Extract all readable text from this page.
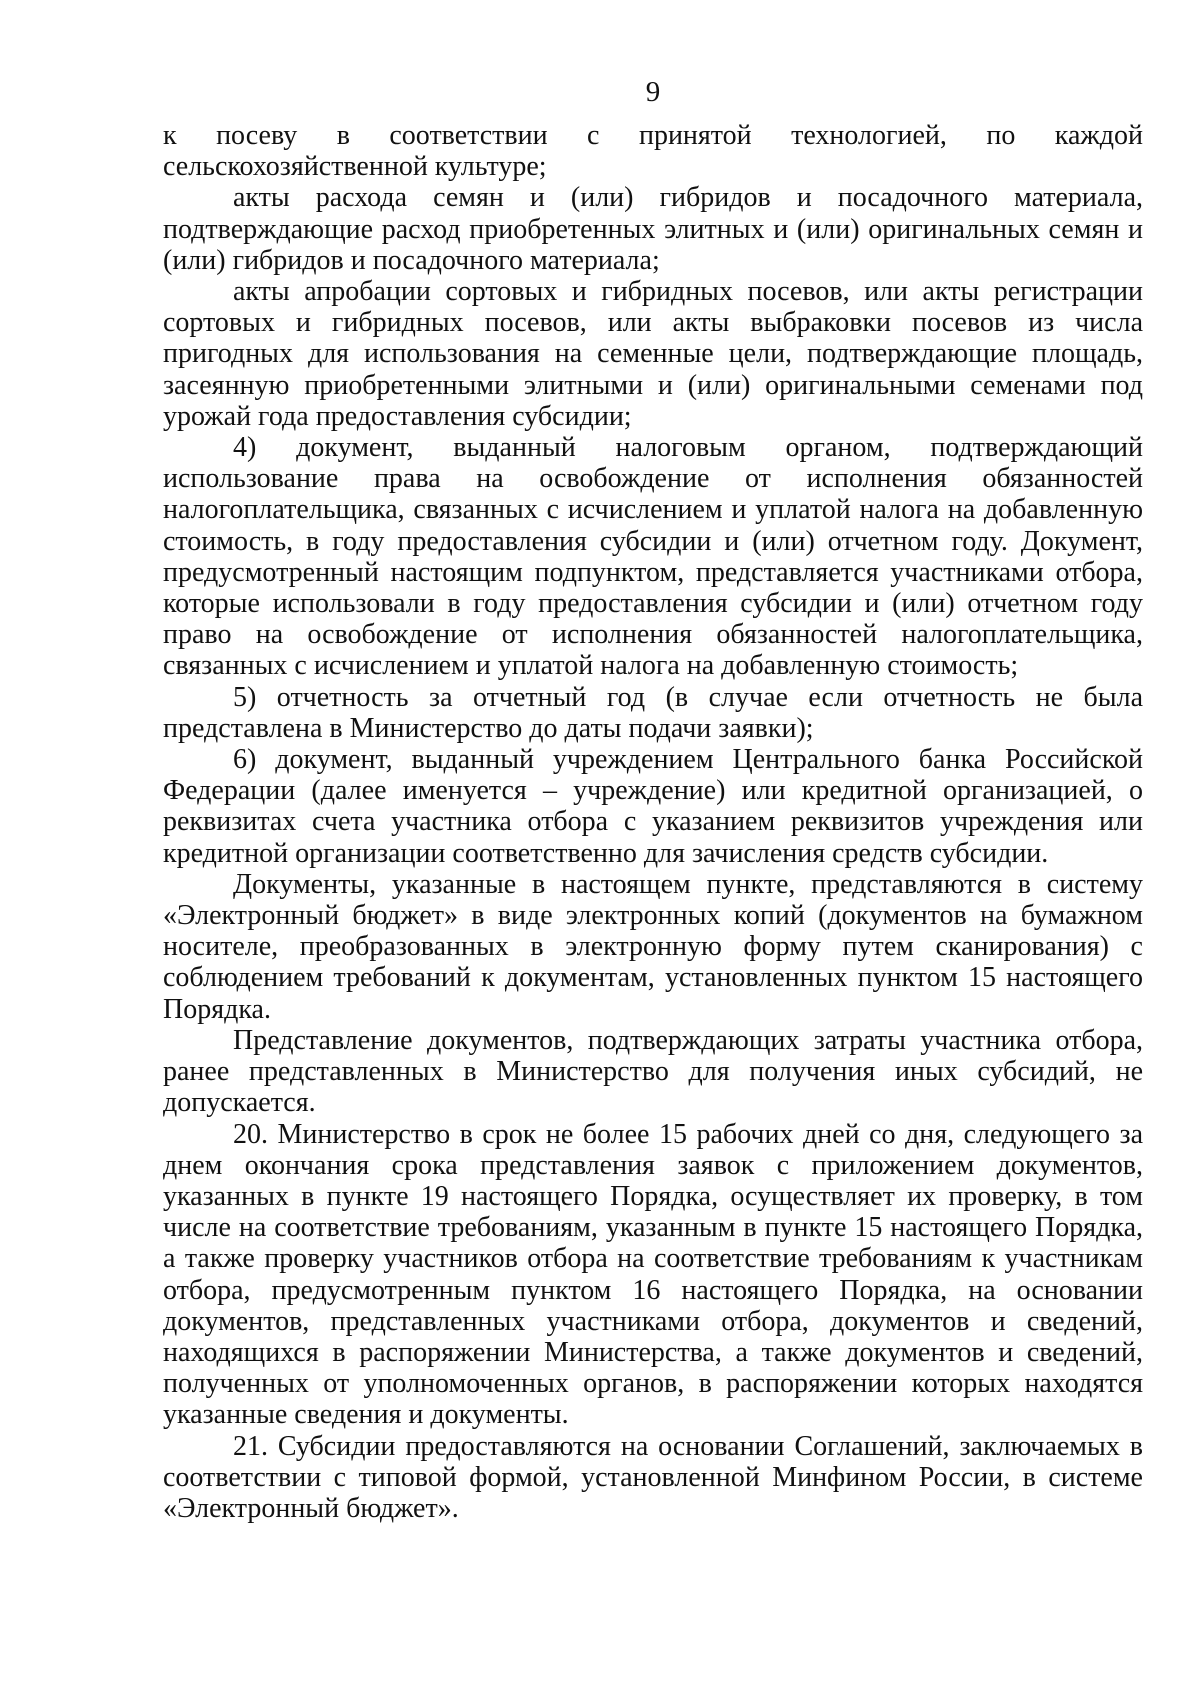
9

к посеву в соответствии с принятой технологией, по каждой сельскохозяйственной культуре;

акты расхода семян и (или) гибридов и посадочного материала, подтверждающие расход приобретенных элитных и (или) оригинальных семян и (или) гибридов и посадочного материала;

акты апробации сортовых и гибридных посевов, или акты регистрации сортовых и гибридных посевов, или акты выбраковки посевов из числа пригодных для использования на семенные цели, подтверждающие площадь, засеянную приобретенными элитными и (или) оригинальными семенами под урожай года предоставления субсидии;

4) документ, выданный налоговым органом, подтверждающий использование права на освобождение от исполнения обязанностей налогоплательщика, связанных с исчислением и уплатой налога на добавленную стоимость, в году предоставления субсидии и (или) отчетном году. Документ, предусмотренный настоящим подпунктом, представляется участниками отбора, которые использовали в году предоставления субсидии и (или) отчетном году право на освобождение от исполнения обязанностей налогоплательщика, связанных с исчислением и уплатой налога на добавленную стоимость;

5) отчетность за отчетный год (в случае если отчетность не была представлена в Министерство до даты подачи заявки);

6) документ, выданный учреждением Центрального банка Российской Федерации (далее именуется – учреждение) или кредитной организацией, о реквизитах счета участника отбора с указанием реквизитов учреждения или кредитной организации соответственно для зачисления средств субсидии.

Документы, указанные в настоящем пункте, представляются в систему «Электронный бюджет» в виде электронных копий (документов на бумажном носителе, преобразованных в электронную форму путем сканирования) с соблюдением требований к документам, установленных пунктом 15 настоящего Порядка.

Представление документов, подтверждающих затраты участника отбора, ранее представленных в Министерство для получения иных субсидий, не допускается.

20. Министерство в срок не более 15 рабочих дней со дня, следующего за днем окончания срока представления заявок с приложением документов, указанных в пункте 19 настоящего Порядка, осуществляет их проверку, в том числе на соответствие требованиям, указанным в пункте 15 настоящего Порядка, а также проверку участников отбора на соответствие требованиям к участникам отбора, предусмотренным пунктом 16 настоящего Порядка, на основании документов, представленных участниками отбора, документов и сведений, находящихся в распоряжении Министерства, а также документов и сведений, полученных от уполномоченных органов, в распоряжении которых находятся указанные сведения и документы.

21. Субсидии предоставляются на основании Соглашений, заключаемых в соответствии с типовой формой, установленной Минфином России, в системе «Электронный бюджет».
